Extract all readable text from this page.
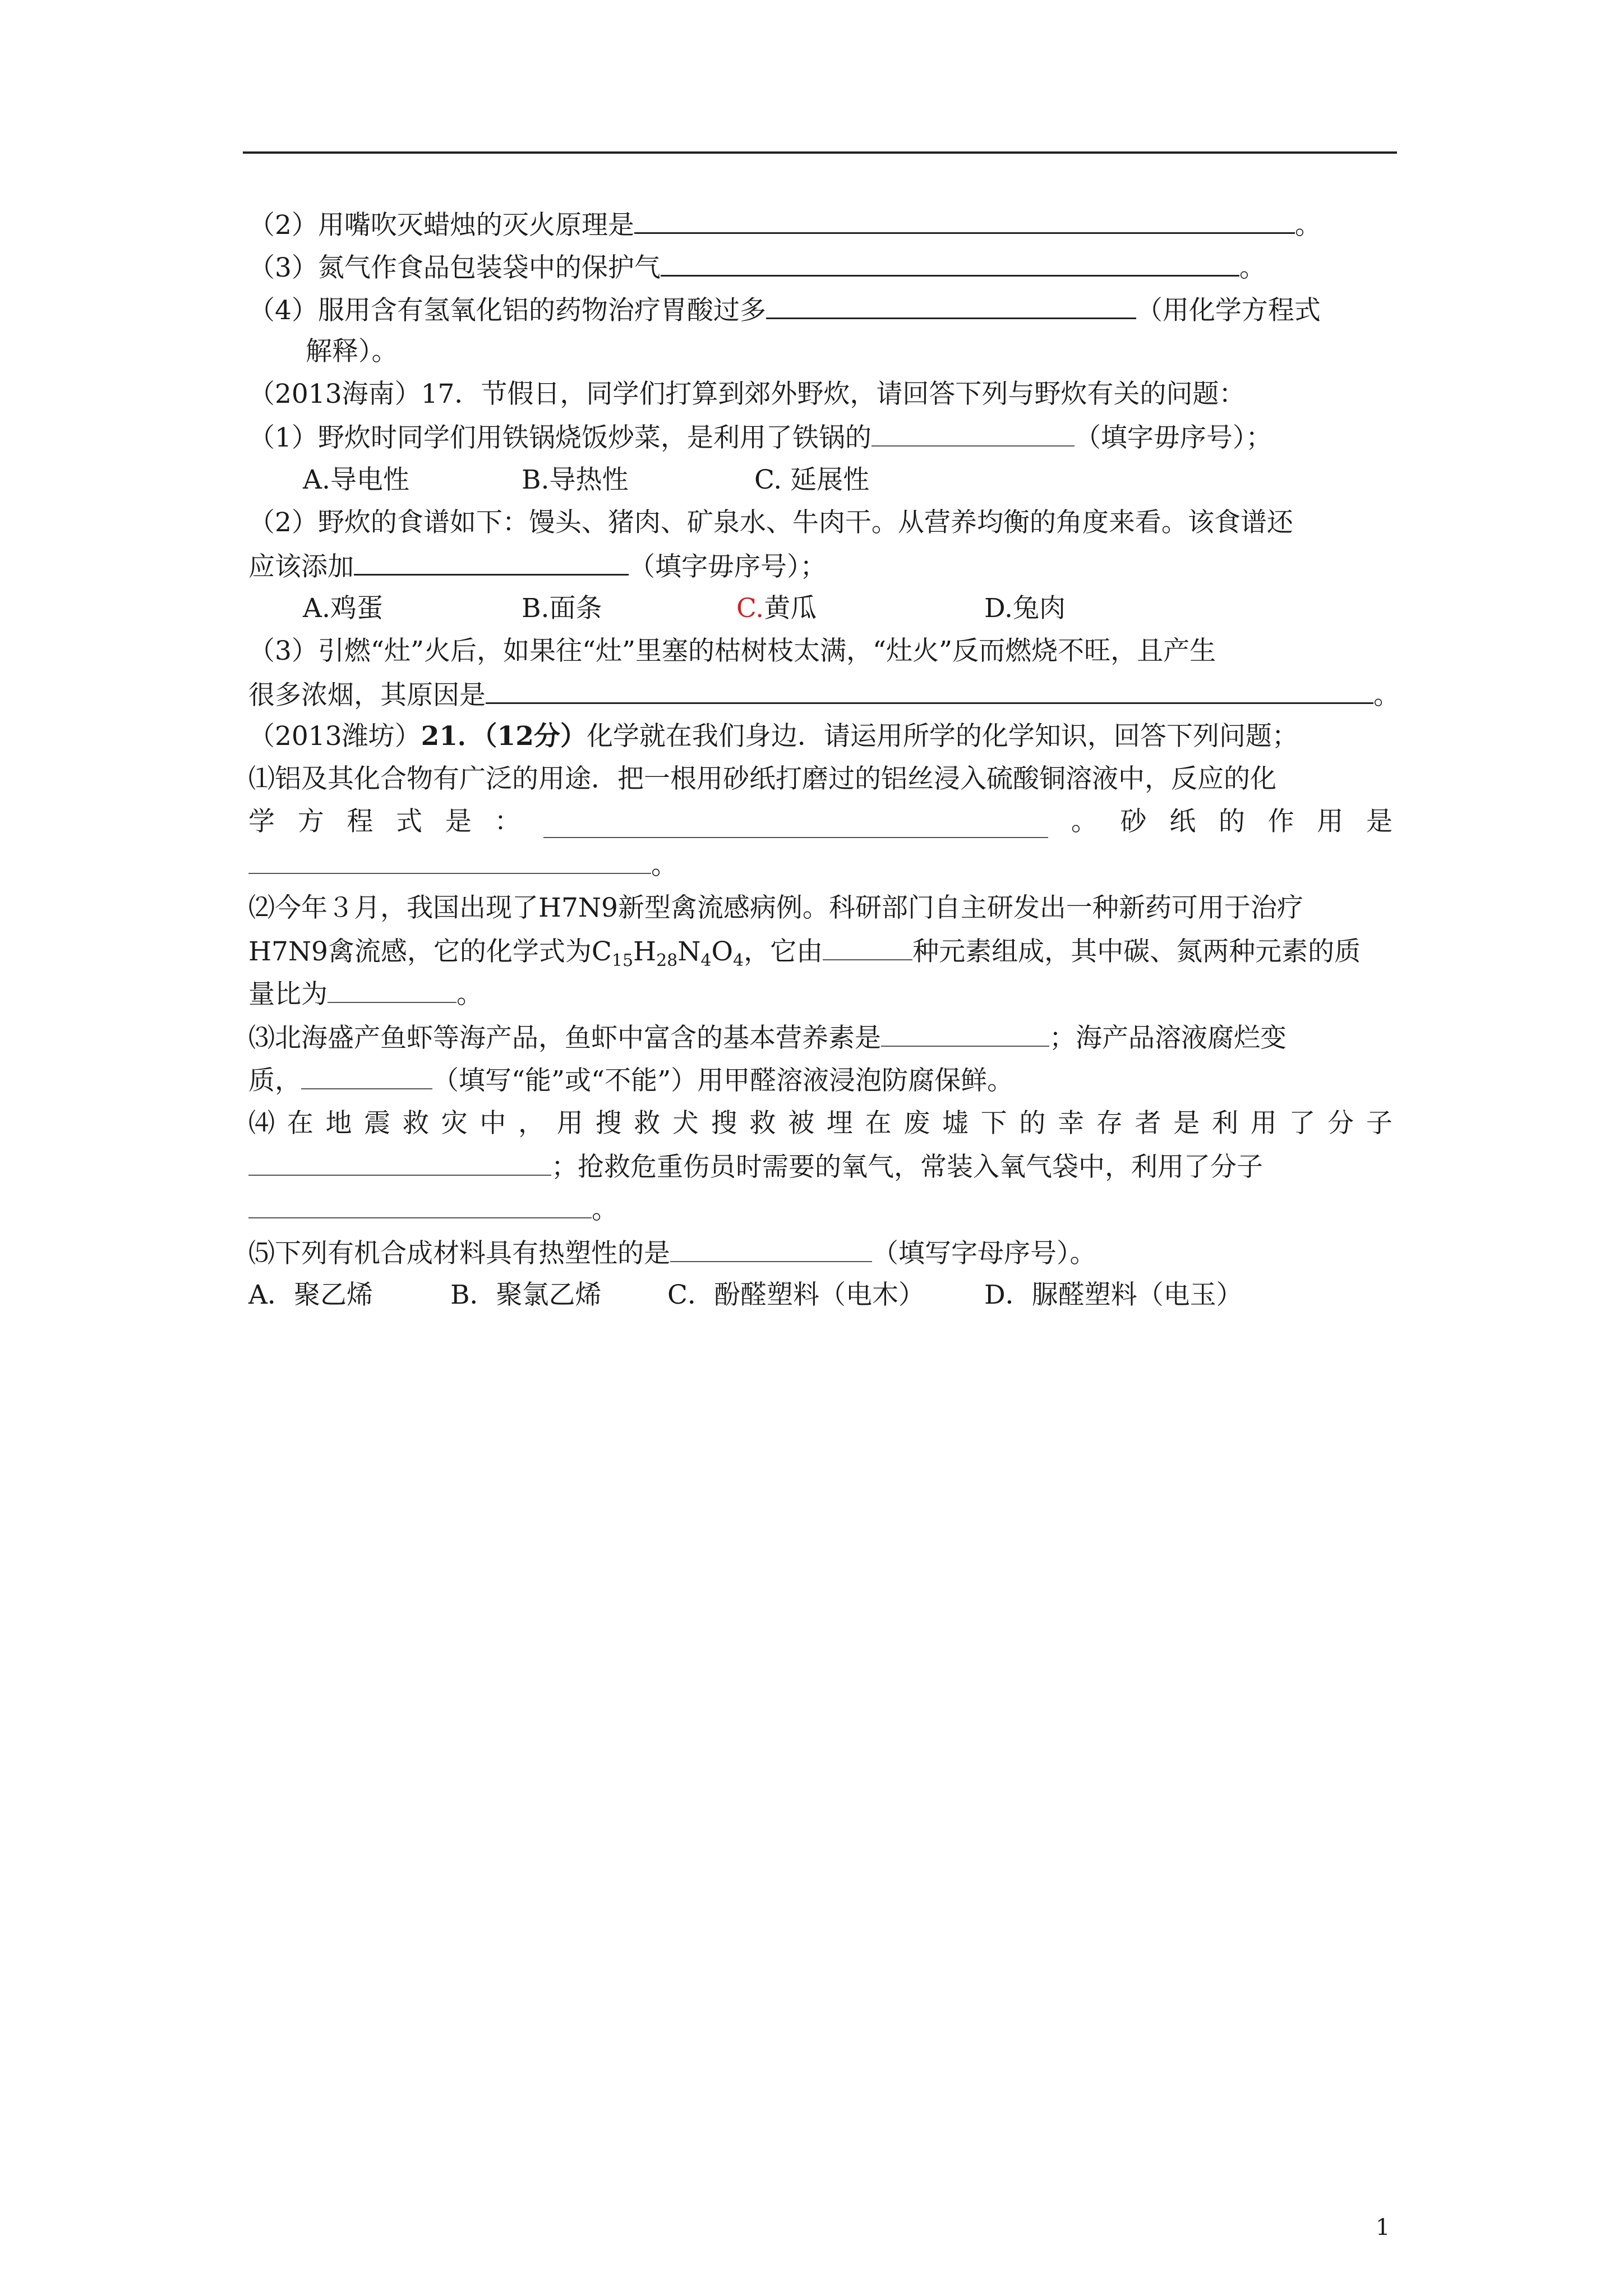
（2）用嘴吹灭蜡烛的灭火原理是	。
（3）氮气作食品包装袋中的保护气	。
（4）服用含有氢氧化铝的药物治疗胃酸过多	（用化学方程式
解释）。
（2013海南）17．节假日，同学们打算到郊外野炊，请回答下列与野炊有关的问题：
（1）野炊时同学们用铁锅烧饭炒菜，是利用了铁锅的	（填字毋序号）；
A.导电性	B.导热性	C. 延展性
（2）野炊的食谱如下：馒头、猪肉、矿泉水、牛肉干。从营养均衡的角度来看。该食谱还
应该添加	（填字毋序号）；
A.鸡蛋	B.面条	C.黄瓜	D.兔肉
（3）引燃“灶”火后，如果往“灶”里塞的枯树枝太满，“灶火”反而燃烧不旺，且产生
很多浓烟，其原因是	。
（2013潍坊）21．（12分）化学就在我们身边．请运用所学的化学知识，回答下列问题；
⑴铝及其化合物有广泛的用途．把一根用砂纸打磨过的铝丝浸入硫酸铜溶液中，反应的化
学 方 程 式 是 ：	。 砂 纸 的 作 用 是
。
⑵今年３月，我国出现了H7N9新型禽流感病例。科研部门自主研发出一种新药可用于治疗
H7N9禽流感，它的化学式为$C_{15}H_{28}N_4O_4$，它由	种元素组成，其中碳、氮两种元素的质
量比为	。
⑶北海盛产鱼虾等海产品，鱼虾中富含的基本营养素是	；海产品溶液腐烂变
质，	（填写“能”或“不能”）用甲醛溶液浸泡防腐保鲜。
⑷ 在 地 震 救 灾 中 ， 用 搜 救 犬 搜 救 被 埋 在 废 墟 下 的 幸 存 者 是 利 用 了 分 子
；抢救危重伤员时需要的氧气，常装入氧气袋中，利用了分子
。
⑸下列有机合成材料具有热塑性的是	（填写字母序号）。
A．聚乙烯	B．聚氯乙烯 C．酚醛塑料（电木） D．脲醛塑料（电玉）
1
